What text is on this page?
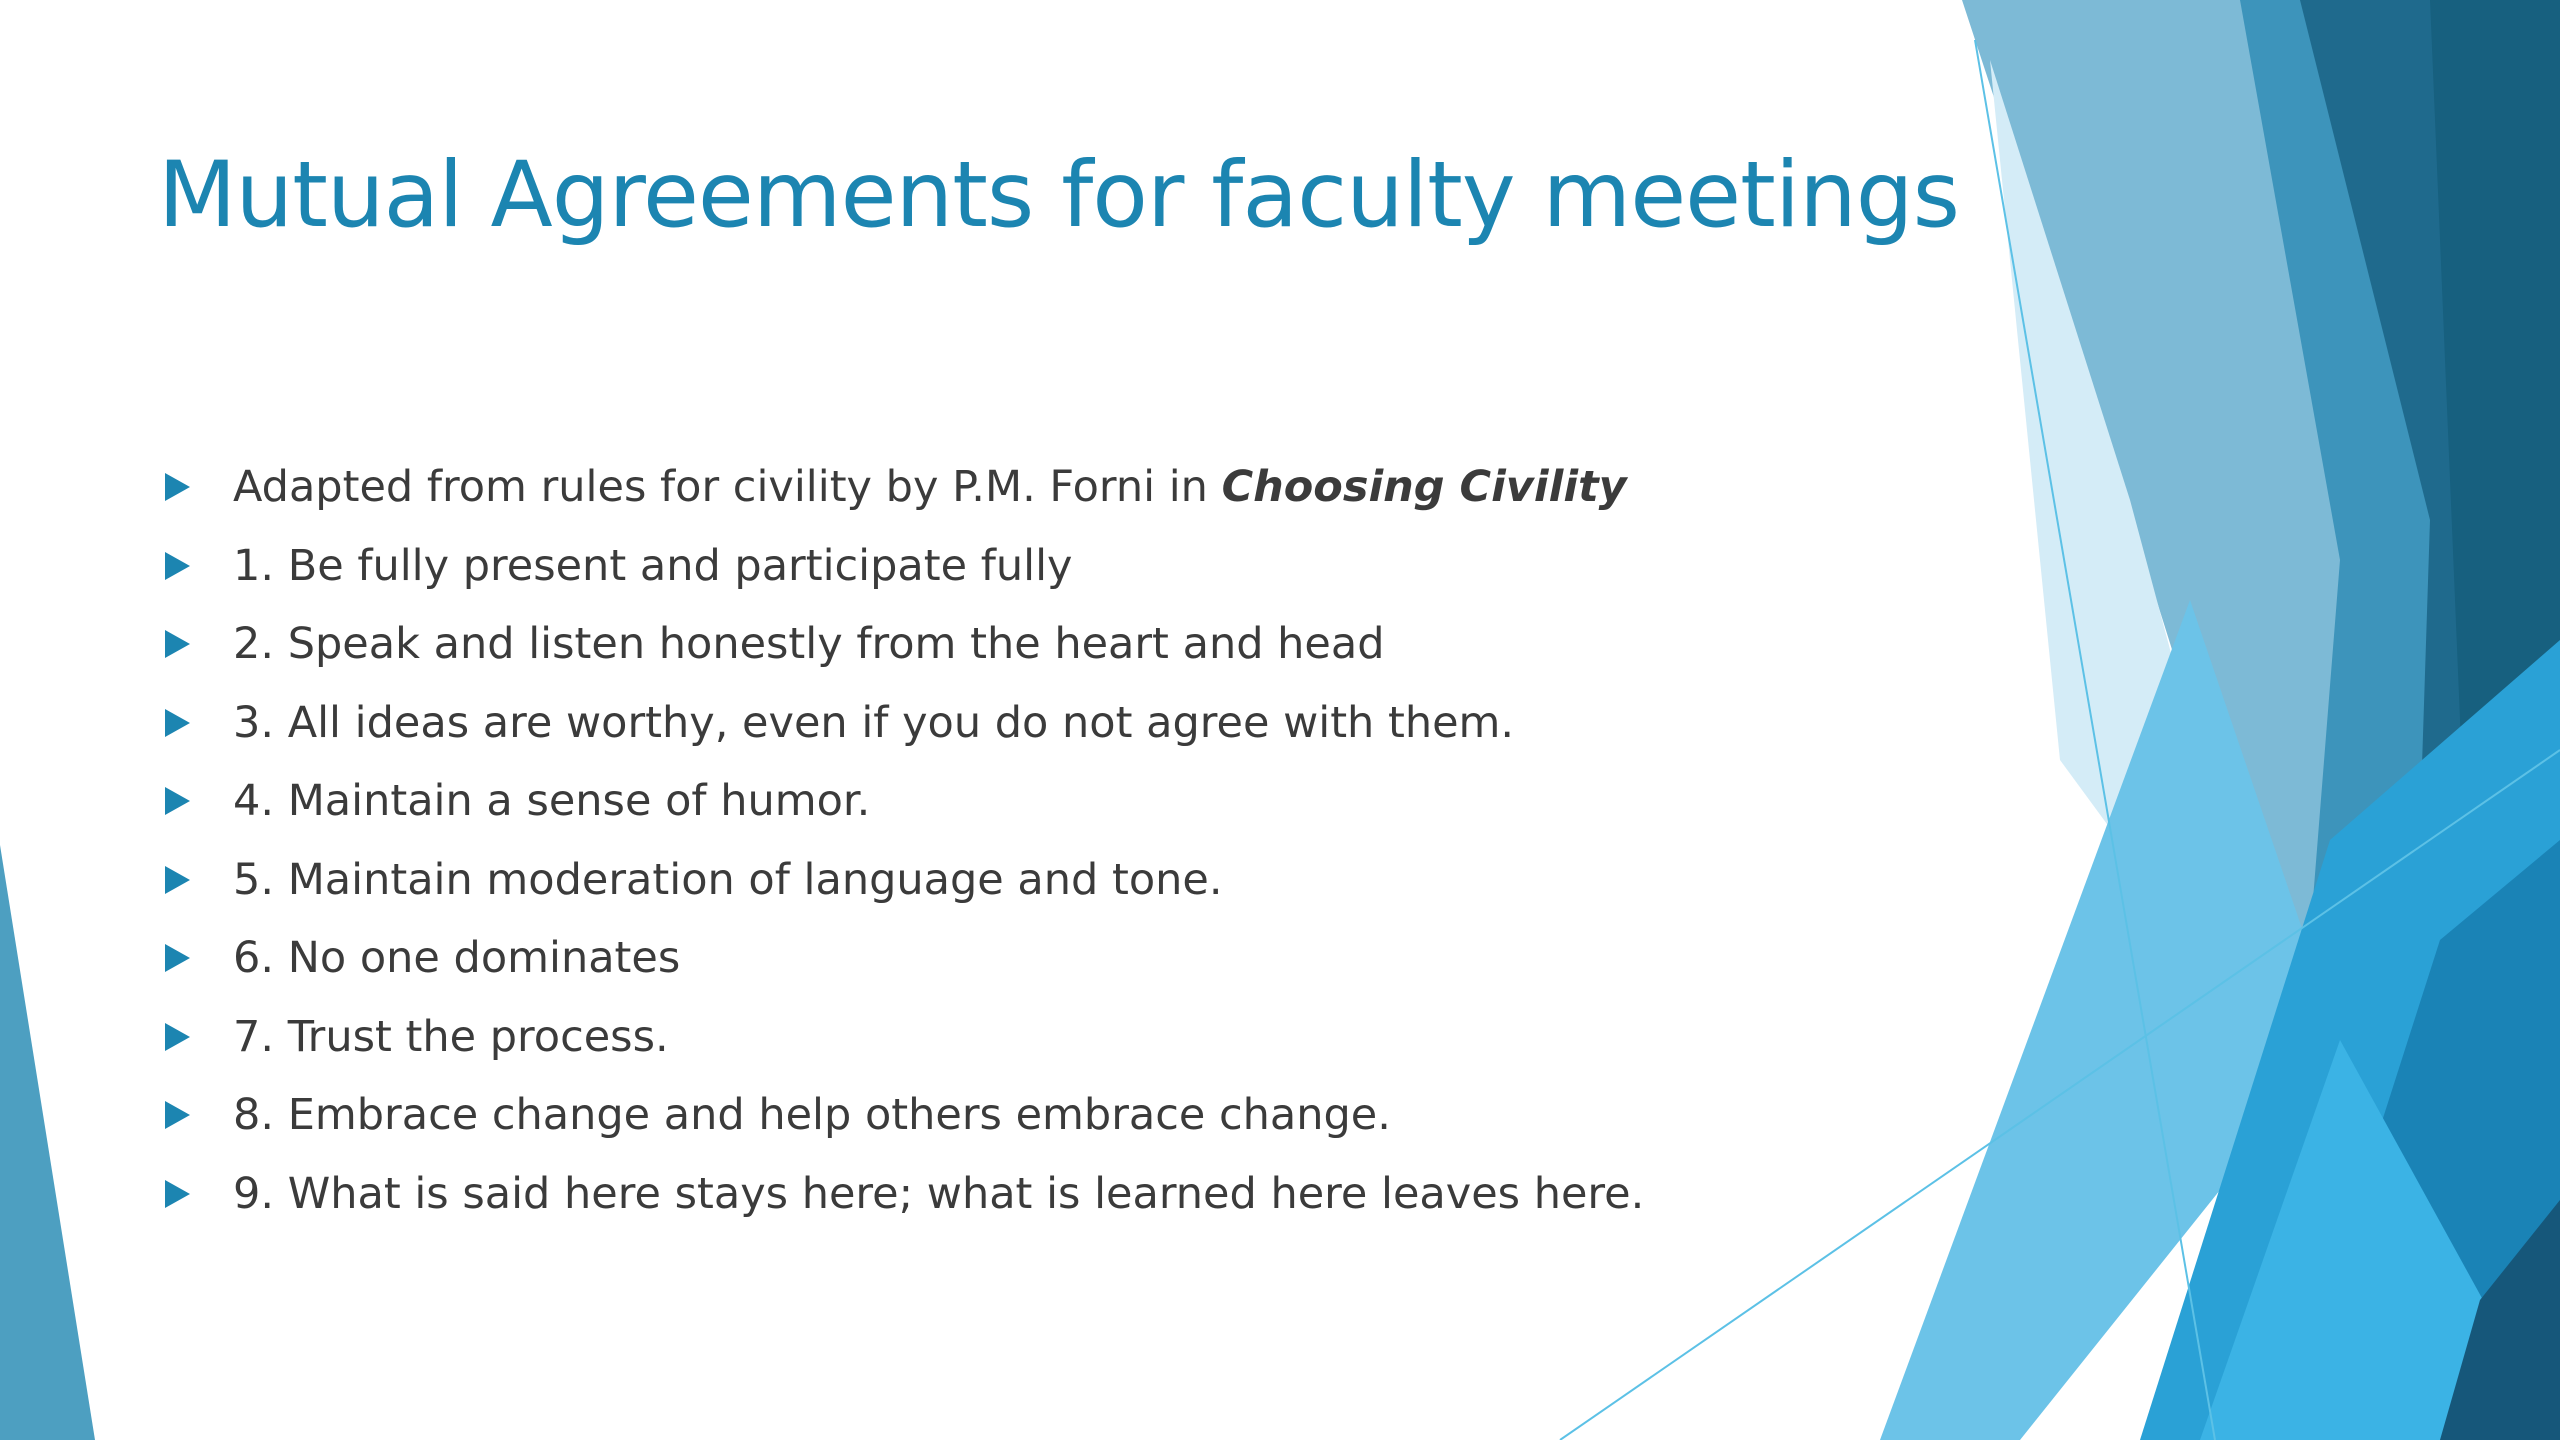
Mutual Agreements for faculty meetings
Adapted from rules for civility by P.M. Forni in Choosing Civility
1. Be fully present and participate fully
2. Speak and listen honestly from the heart and head
3. All ideas are worthy, even if you do not agree with them.
4. Maintain a sense of humor.
5. Maintain moderation of language and tone.
6. No one dominates
7. Trust the process.
8. Embrace change and help others embrace change.
9. What is said here stays here; what is learned here leaves here.
